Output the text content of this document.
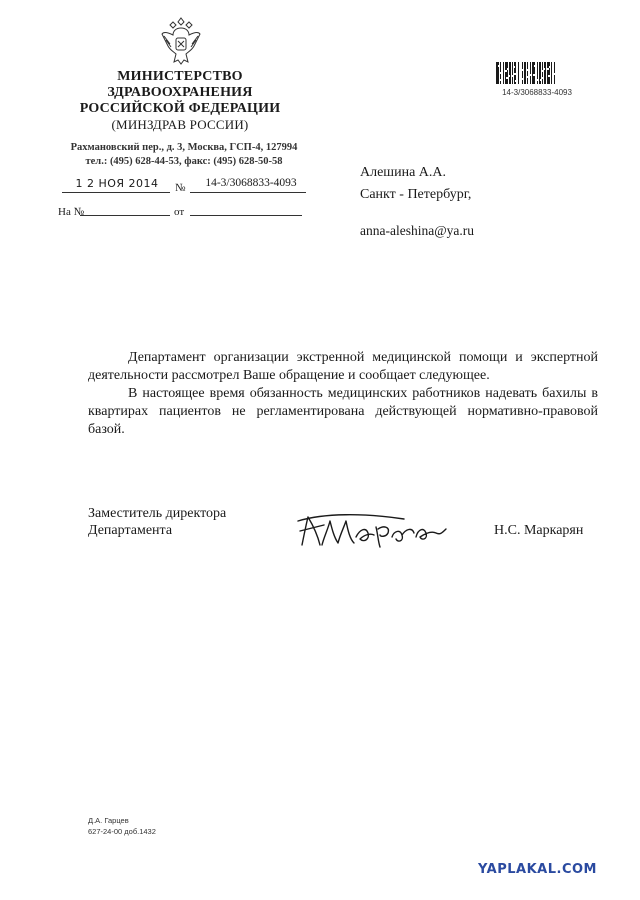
МИНИСТЕРСТВО
ЗДРАВООХРАНЕНИЯ
РОССИЙСКОЙ ФЕДЕРАЦИИ
(МИНЗДРАВ РОССИИ)
Рахмановский пер., д. 3, Москва, ГСП-4, 127994
тел.: (495) 628-44-53, факс: (495) 628-50-58
1 2 НОЯ 2014	№	14-3/3068833-4093
На №	от
14-3/3068833-4093
Алешина А.А.
Санкт - Петербург,
anna-aleshina@ya.ru

Департамент организации экстренной медицинской помощи и экспертной деятельности рассмотрел Ваше обращение и сообщает следующее.

В настоящее время обязанность медицинских работников надевать бахилы в квартирах пациентов не регламентирована действующей нормативно-правовой базой.

Заместитель директора
Департамента	Н.С. Маркарян
Д.А. Гарцев
627-24-00 доб.1432
YAPLAKAL.COM
